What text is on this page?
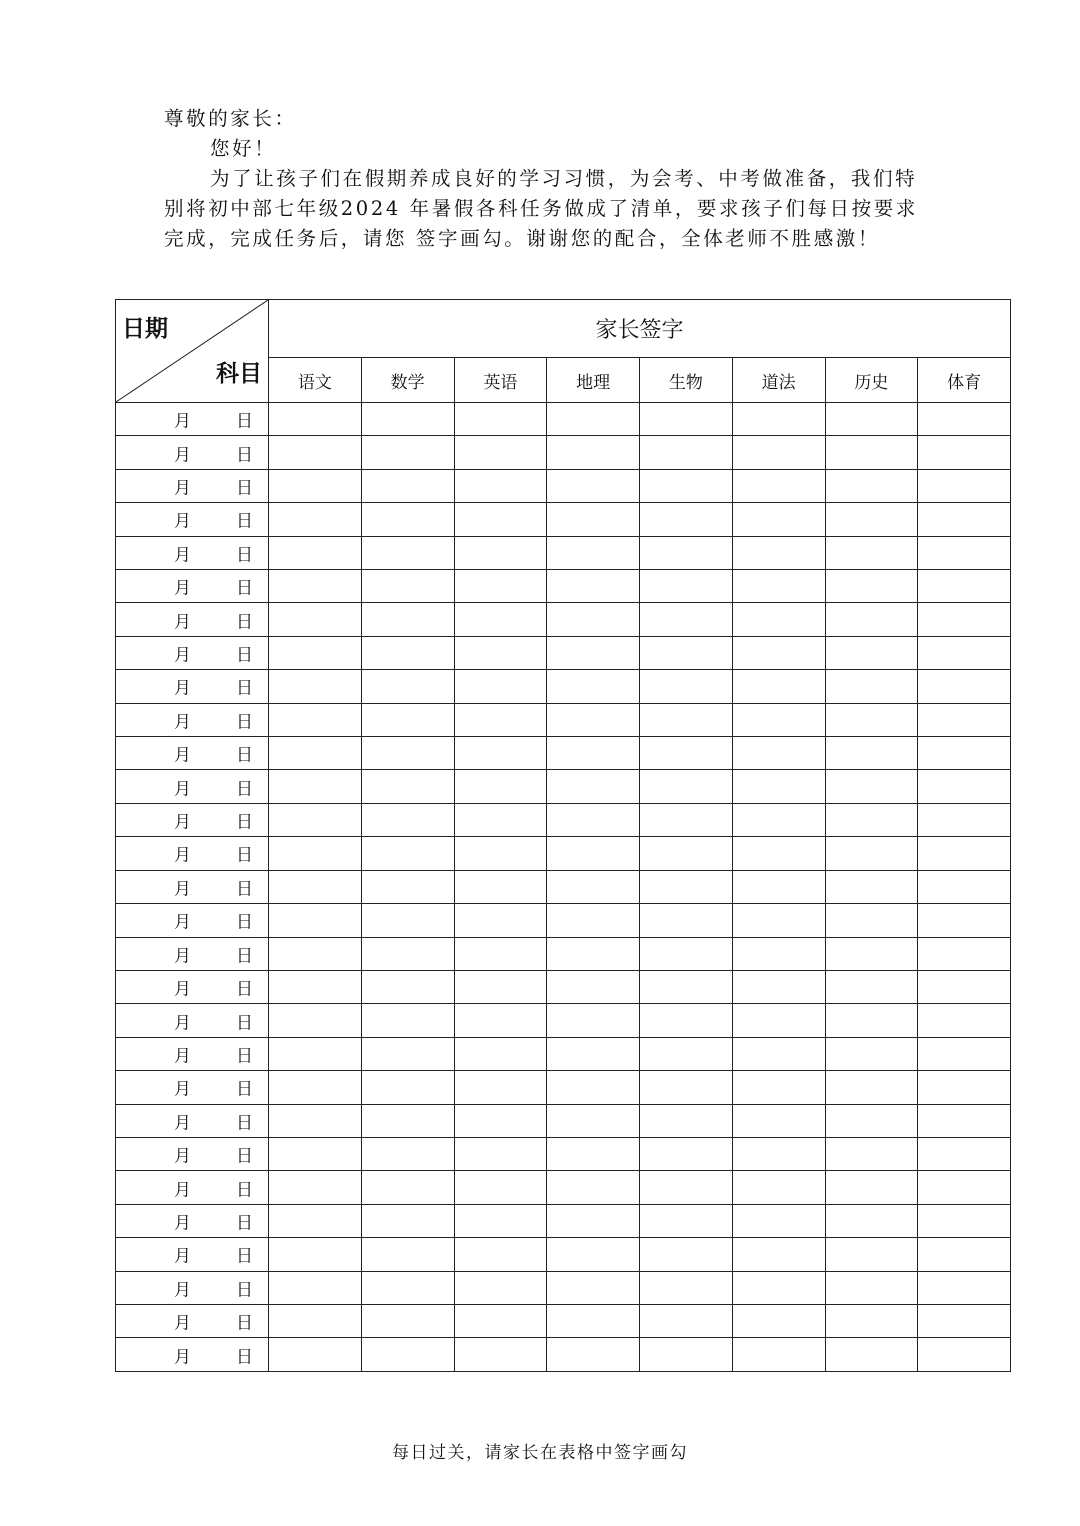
尊敬的家长：

您好！

为了让孩子们在假期养成良好的学习习惯，为会考、中考做准备，我们特别将初中部七年级2024 年暑假各科任务做成了清单，要求孩子们每日按要求完成，完成任务后，请您 签字画勾。谢谢您的配合，全体老师不胜感激！

日期
科目	家长签字							
	语文	数学	英语	地理	生物	道法	历史	体育

月 日								

月 日								

月 日								

月 日								

月 日								

月 日								

月 日								

月 日								

月 日								

月 日								

月 日								

月 日								

月 日								

月 日								

月 日								

月 日								

月 日								

月 日								

月 日								

月 日								

月 日								

月 日								

月 日								

月 日								

月 日								

月 日								

月 日								

月 日								

月 日								

每日过关，请家长在表格中签字画勾
